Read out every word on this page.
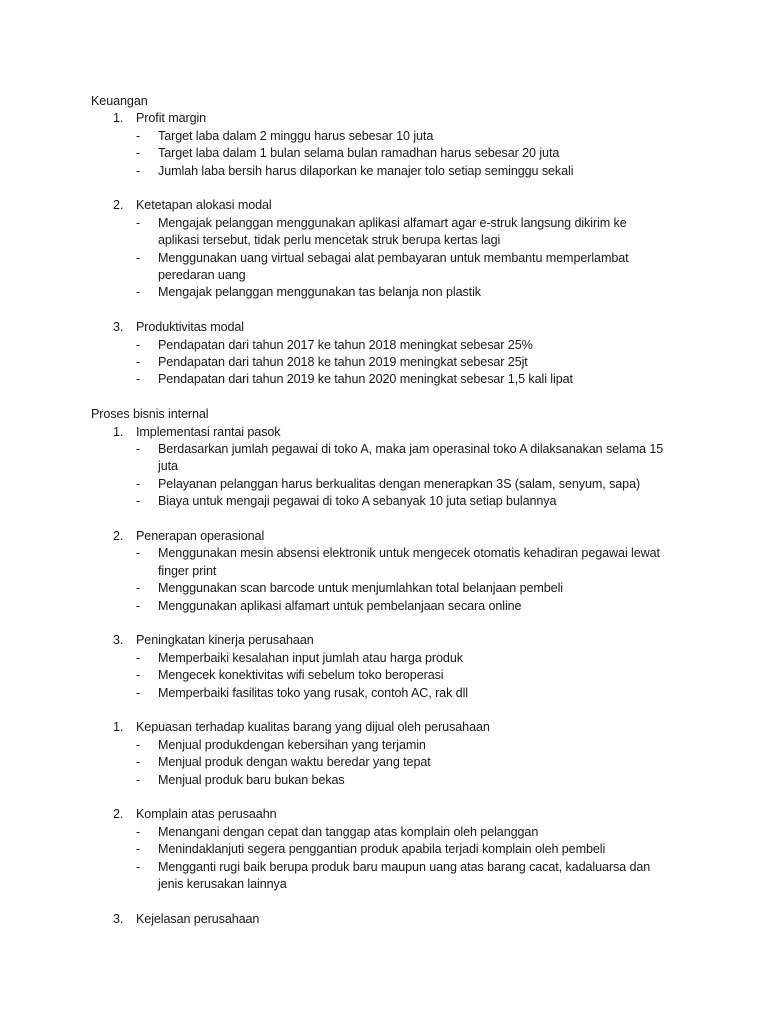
Keuangan
1. Profit margin
- Target laba dalam 2 minggu harus sebesar 10 juta
- Target laba dalam 1 bulan selama bulan ramadhan harus sebesar 20 juta
- Jumlah laba bersih harus dilaporkan ke manajer tolo setiap seminggu sekali
2. Ketetapan alokasi modal
- Mengajak pelanggan menggunakan aplikasi alfamart agar e-struk langsung dikirim ke
aplikasi tersebut, tidak perlu mencetak struk berupa kertas lagi
- Menggunakan uang virtual sebagai alat pembayaran untuk membantu memperlambat
peredaran uang
- Mengajak pelanggan menggunakan tas belanja non plastik
3. Produktivitas modal
- Pendapatan dari tahun 2017 ke tahun 2018 meningkat sebesar 25%
- Pendapatan dari tahun 2018 ke tahun 2019 meningkat sebesar 25jt
- Pendapatan dari tahun 2019 ke tahun 2020 meningkat sebesar 1,5 kali lipat
Proses bisnis internal
1. Implementasi rantai pasok
- Berdasarkan jumlah pegawai di toko A, maka jam operasinal toko A dilaksanakan selama 15
juta
- Pelayanan pelanggan harus berkualitas dengan menerapkan 3S (salam, senyum, sapa)
- Biaya untuk mengaji pegawai di toko A sebanyak 10 juta setiap bulannya
2. Penerapan operasional
- Menggunakan mesin absensi elektronik untuk mengecek otomatis kehadiran pegawai lewat
finger print
- Menggunakan scan barcode untuk menjumlahkan total belanjaan pembeli
- Menggunakan aplikasi alfamart untuk pembelanjaan secara online
3. Peningkatan kinerja perusahaan
- Memperbaiki kesalahan input jumlah atau harga produk
- Mengecek konektivitas wifi sebelum toko beroperasi
- Memperbaiki fasilitas toko yang rusak, contoh AC, rak dll
1. Kepuasan terhadap kualitas barang yang dijual oleh perusahaan
- Menjual produkdengan kebersihan yang terjamin
- Menjual produk dengan waktu beredar yang tepat
- Menjual produk baru bukan bekas
2. Komplain atas perusaahn
- Menangani dengan cepat dan tanggap atas komplain oleh pelanggan
- Menindaklanjuti segera penggantian produk apabila terjadi komplain oleh pembeli
- Mengganti rugi baik berupa produk baru maupun uang atas barang cacat, kadaluarsa dan
jenis kerusakan lainnya
3. Kejelasan perusahaan
